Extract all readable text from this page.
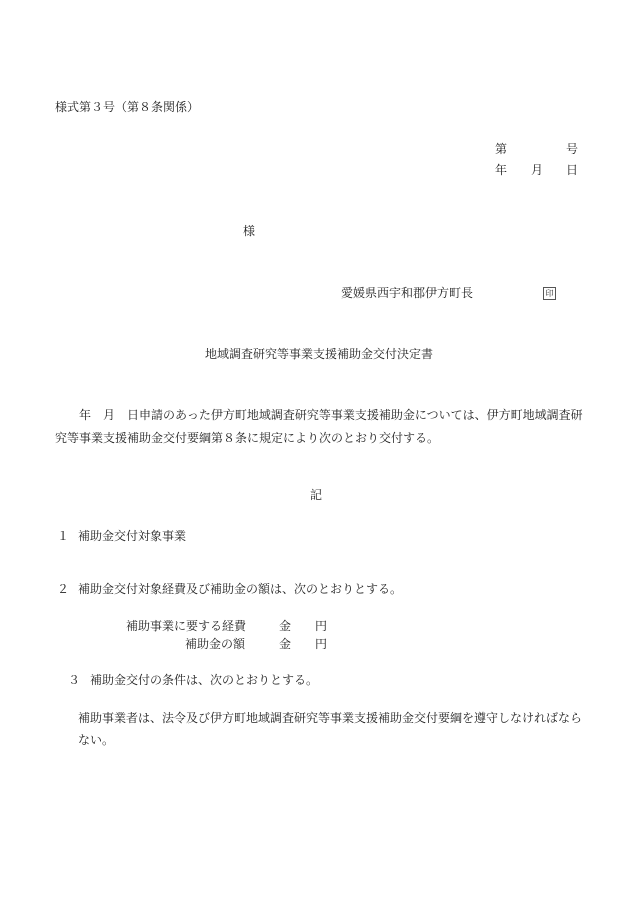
様式第３号（第８条関係）
第	号
年 月 日
様
愛媛県西宇和郡伊方町長	印
地域調査研究等事業支援補助金交付決定書
年　月　日申請のあった伊方町地域調査研究等事業支援補助金については、伊方町地域調査研究等事業支援補助金交付要綱第８条に規定により次のとおり交付する。
記
１ 補助金交付対象事業
２ 補助金交付対象経費及び補助金の額は、次のとおりとする。
補助事業に要する経費	金 円
補助金の額	金 円
３ 補助金交付の条件は、次のとおりとする。
補助事業者は、法令及び伊方町地域調査研究等事業支援補助金交付要綱を遵守しなければならない。
